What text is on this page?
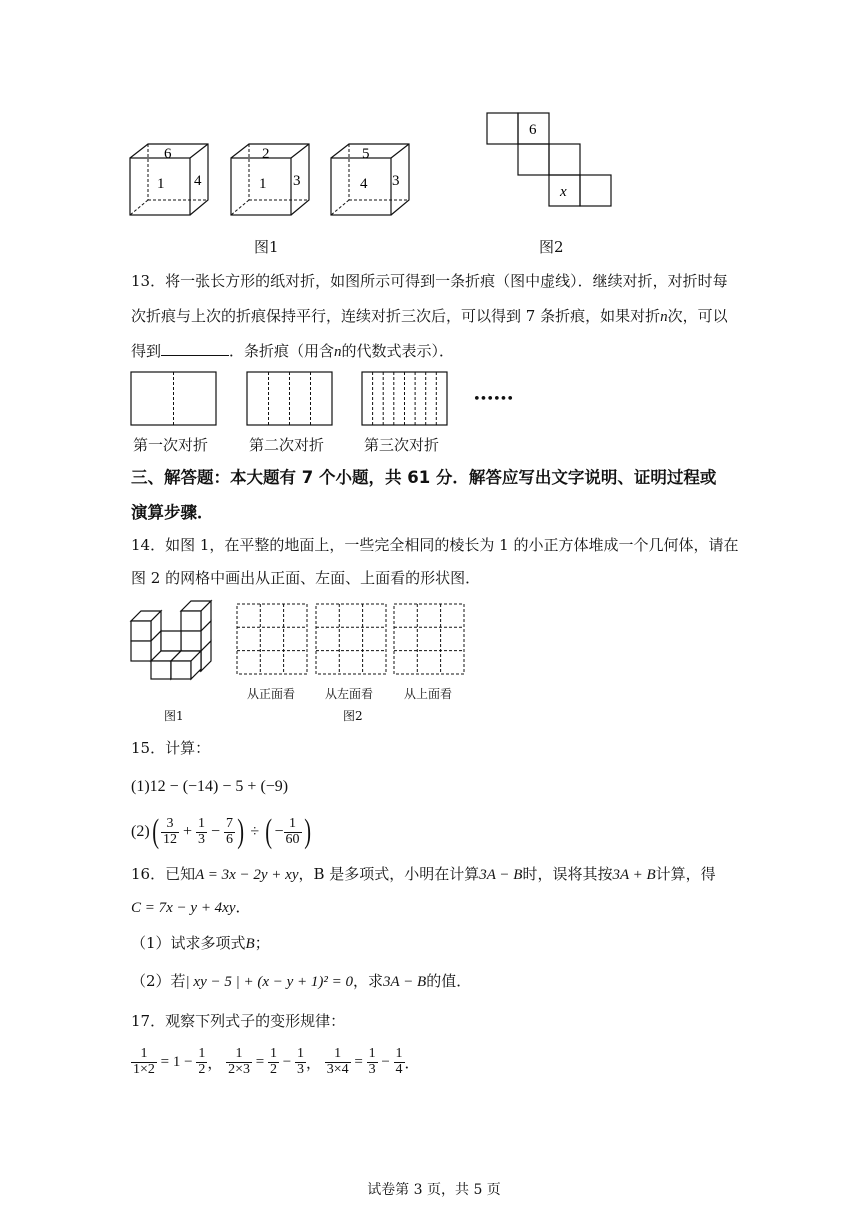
6
1 4
2
1 3
5
4 3
图1
6
x
图2
13．将一张长方形的纸对折，如图所示可得到一条折痕（图中虚线）．继续对折，对折时每
次折痕与上次的折痕保持平行，连续对折三次后，可以得到 7 条折痕，如果对折n次，可以
得到	．条折痕（用含n的代数式表示）．
••••••
第一次对折	第二次对折	第三次对折
三、解答题：本大题有 7 个小题，共 61 分．解答应写出文字说明、证明过程或
演算步骤．
14．如图 1，在平整的地面上，一些完全相同的棱长为 1 的小正方体堆成一个几何体，请在
图 2 的网格中画出从正面、左面、上面看的形状图．
从正面看 从左面看	从上面看
图1	图2
15．计算：
(1)12 − (−14) − 5 + (−9)
(2) ( $\frac{3}{12} + \frac{1}{3} - \frac{7}{6}$ ) ÷ ( − $\frac{1}{60}$ )
16．已知A = 3x − 2y + xy，B 是多项式，小明在计算3A − B时，误将其按3A + B计算，得
C = 7x − y + 4xy．
（1）试求多项式B；
（2）若| xy − 5 | + (x − y + 1)² = 0，求3A − B的值．
17．观察下列式子的变形规律：
$\frac{1}{1\times 2} = 1 - \frac{1}{2}$ ， $\frac{1}{2\times 3} = \frac{1}{2} - \frac{1}{3}$ ， $\frac{1}{3\times 4} = \frac{1}{3} - \frac{1}{4}$ ．
试卷第 3 页，共 5 页
